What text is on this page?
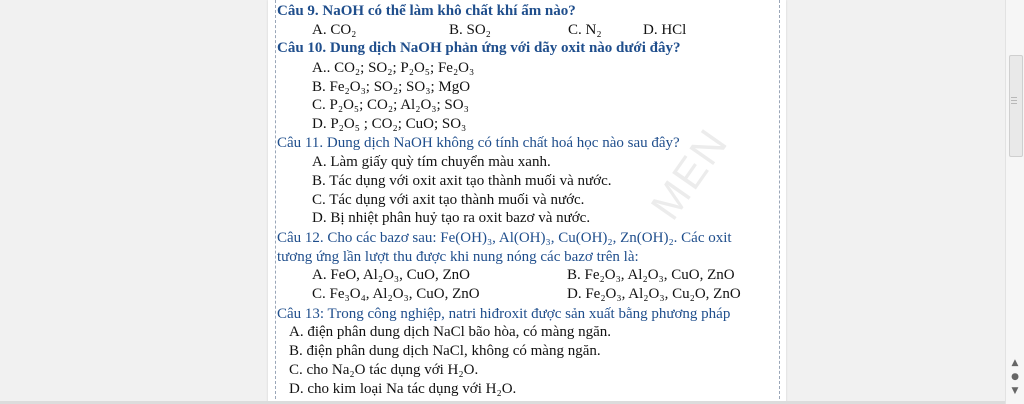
MEN
Câu 9. NaOH có thể làm khô chất khí ẩm nào?
A. CO₂	B. SO₂	C. N₂	D. HCl
Câu 10. Dung dịch NaOH phản ứng với dãy oxit nào dưới đây?
A.. CO₂; SO₂; P₂O₅; Fe₂O₃
B. Fe₂O₃; SO₂; SO₃; MgO
C. P₂O₅; CO₂; Al₂O₃; SO₃
D. P₂O₅ ; CO₂; CuO; SO₃
Câu 11. Dung dịch NaOH không có tính chất hoá học nào sau đây?
A. Làm giấy quỳ tím chuyển màu xanh.
B. Tác dụng với oxit axit tạo thành muối và nước.
C. Tác dụng với axit tạo thành muối và nước.
D. Bị nhiệt phân huỷ tạo ra oxit bazơ và nước.
Câu 12. Cho các bazơ sau: Fe(OH)₃, Al(OH)₃, Cu(OH)₂, Zn(OH)₂. Các oxit
tương ứng lần lượt thu được khi nung nóng các bazơ trên là:
A. FeO, Al₂O₃, CuO, ZnO	B. Fe₂O₃, Al₂O₃, CuO, ZnO
C. Fe₃O₄, Al₂O₃, CuO, ZnO	D. Fe₂O₃, Al₂O₃, Cu₂O, ZnO
Câu 13: Trong công nghiệp, natri hiđroxit được sản xuất bằng phương pháp
A. điện phân dung dịch NaCl bão hòa, có màng ngăn.
B. điện phân dung dịch NaCl, không có màng ngăn.
C. cho Na₂O tác dụng với H₂O.
D. cho kim loại Na tác dụng với H₂O.
▲
●
▼
